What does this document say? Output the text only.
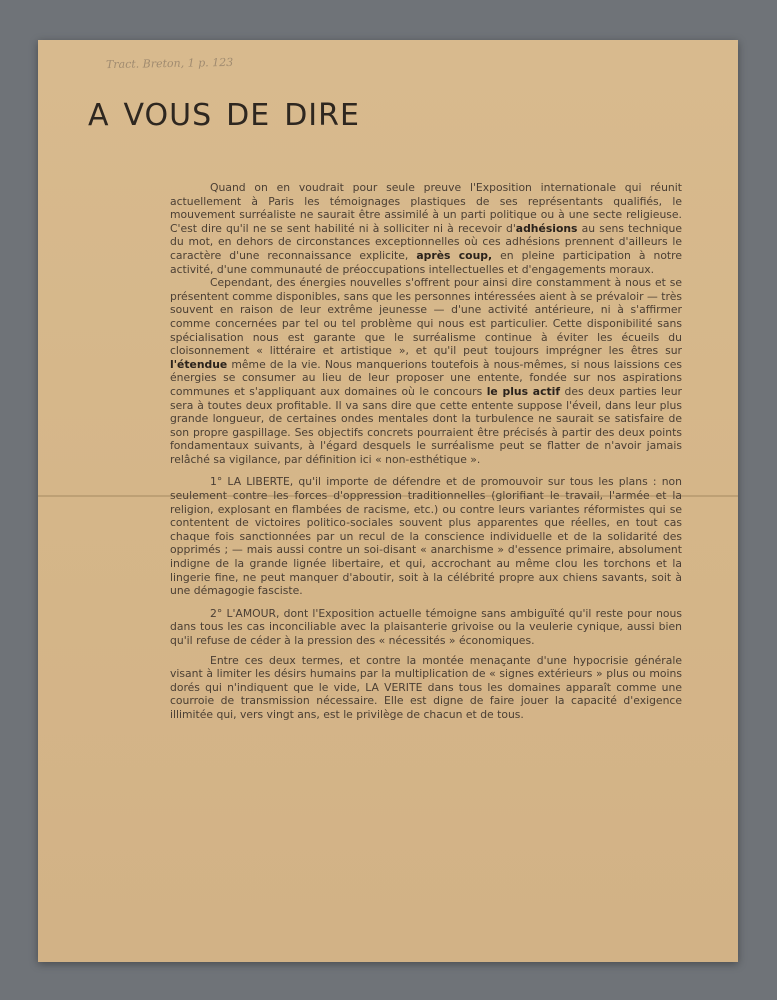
Tract. Breton, 1 p. 123
A VOUS DE DIRE

Quand on en voudrait pour seule preuve l'Exposition internationale qui réunit actuellement à Paris les témoignages plastiques de ses représentants qualifiés, le mouvement surréaliste ne saurait être assimilé à un parti politique ou à une secte religieuse. C'est dire qu'il ne se sent habilité ni à solliciter ni à recevoir d'adhésions au sens technique du mot, en dehors de circonstances exceptionnelles où ces adhésions prennent d'ailleurs le caractère d'une reconnaissance explicite, après coup, en pleine participation à notre activité, d'une communauté de préoccupations intellectuelles et d'engagements moraux.

Cependant, des énergies nouvelles s'offrent pour ainsi dire constamment à nous et se présentent comme disponibles, sans que les personnes intéressées aient à se prévaloir — très souvent en raison de leur extrême jeunesse — d'une activité antérieure, ni à s'affirmer comme concernées par tel ou tel problème qui nous est particulier. Cette disponibilité sans spécialisation nous est garante que le surréalisme continue à éviter les écueils du cloisonnement « littéraire et artistique », et qu'il peut toujours imprégner les êtres sur l'étendue même de la vie. Nous manquerions toutefois à nous-mêmes, si nous laissions ces énergies se consumer au lieu de leur proposer une entente, fondée sur nos aspirations communes et s'appliquant aux domaines où le concours le plus actif des deux parties leur sera à toutes deux profitable. Il va sans dire que cette entente suppose l'éveil, dans leur plus grande longueur, de certaines ondes mentales dont la turbulence ne saurait se satisfaire de son propre gaspillage. Ses objectifs concrets pourraient être précisés à partir des deux points fondamentaux suivants, à l'égard desquels le surréalisme peut se flatter de n'avoir jamais relâché sa vigilance, par définition ici « non-esthétique ».

1° LA LIBERTE, qu'il importe de défendre et de promouvoir sur tous les plans : non seulement contre les forces d'oppression traditionnelles (glorifiant le travail, l'armée et la religion, explosant en flambées de racisme, etc.) ou contre leurs variantes réformistes qui se contentent de victoires politico-sociales souvent plus apparentes que réelles, en tout cas chaque fois sanctionnées par un recul de la conscience individuelle et de la solidarité des opprimés ; — mais aussi contre un soi-disant « anarchisme » d'essence primaire, absolument indigne de la grande lignée libertaire, et qui, accrochant au même clou les torchons et la lingerie fine, ne peut manquer d'aboutir, soit à la célébrité propre aux chiens savants, soit à une démagogie fasciste.

2° L'AMOUR, dont l'Exposition actuelle témoigne sans ambiguïté qu'il reste pour nous dans tous les cas inconciliable avec la plaisanterie grivoise ou la veulerie cynique, aussi bien qu'il refuse de céder à la pression des « nécessités » économiques.

Entre ces deux termes, et contre la montée menaçante d'une hypocrisie générale visant à limiter les désirs humains par la multiplication de « signes extérieurs » plus ou moins dorés qui n'indiquent que le vide, LA VERITE dans tous les domaines apparaît comme une courroie de transmission nécessaire. Elle est digne de faire jouer la capacité d'exigence illimitée qui, vers vingt ans, est le privilège de chacun et de tous.
